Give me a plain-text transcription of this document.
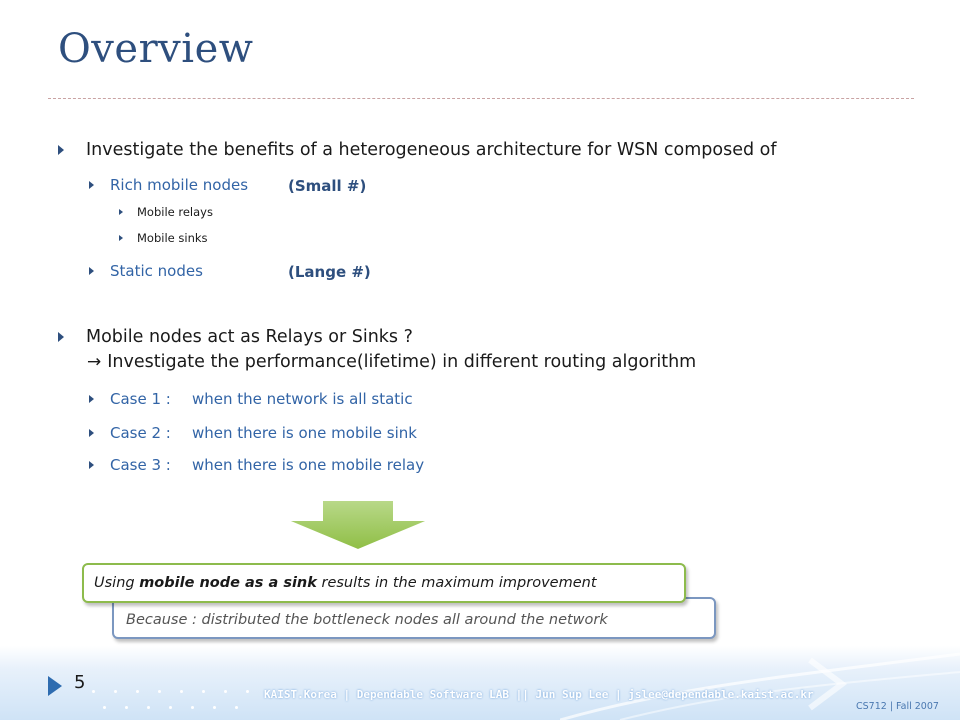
Overview
Investigate the benefits of a heterogeneous architecture for WSN composed of
Rich mobile nodes	(Small #)
Mobile relays
Mobile sinks
Static nodes	(Lange #)
Mobile nodes act as Relays or Sinks ?
→ Investigate the performance(lifetime) in different routing algorithm
Case 1 : when the network is all static
Case 2 : when there is one mobile sink
Case 3 : when there is one mobile relay
Because : distributed the bottleneck nodes all around the network
Using mobile node as a sink results in the maximum improvement
5
KAIST.Korea | Dependable Software LAB || Jun Sup Lee | jslee@dependable.kaist.ac.kr
CS712 | Fall 2007
